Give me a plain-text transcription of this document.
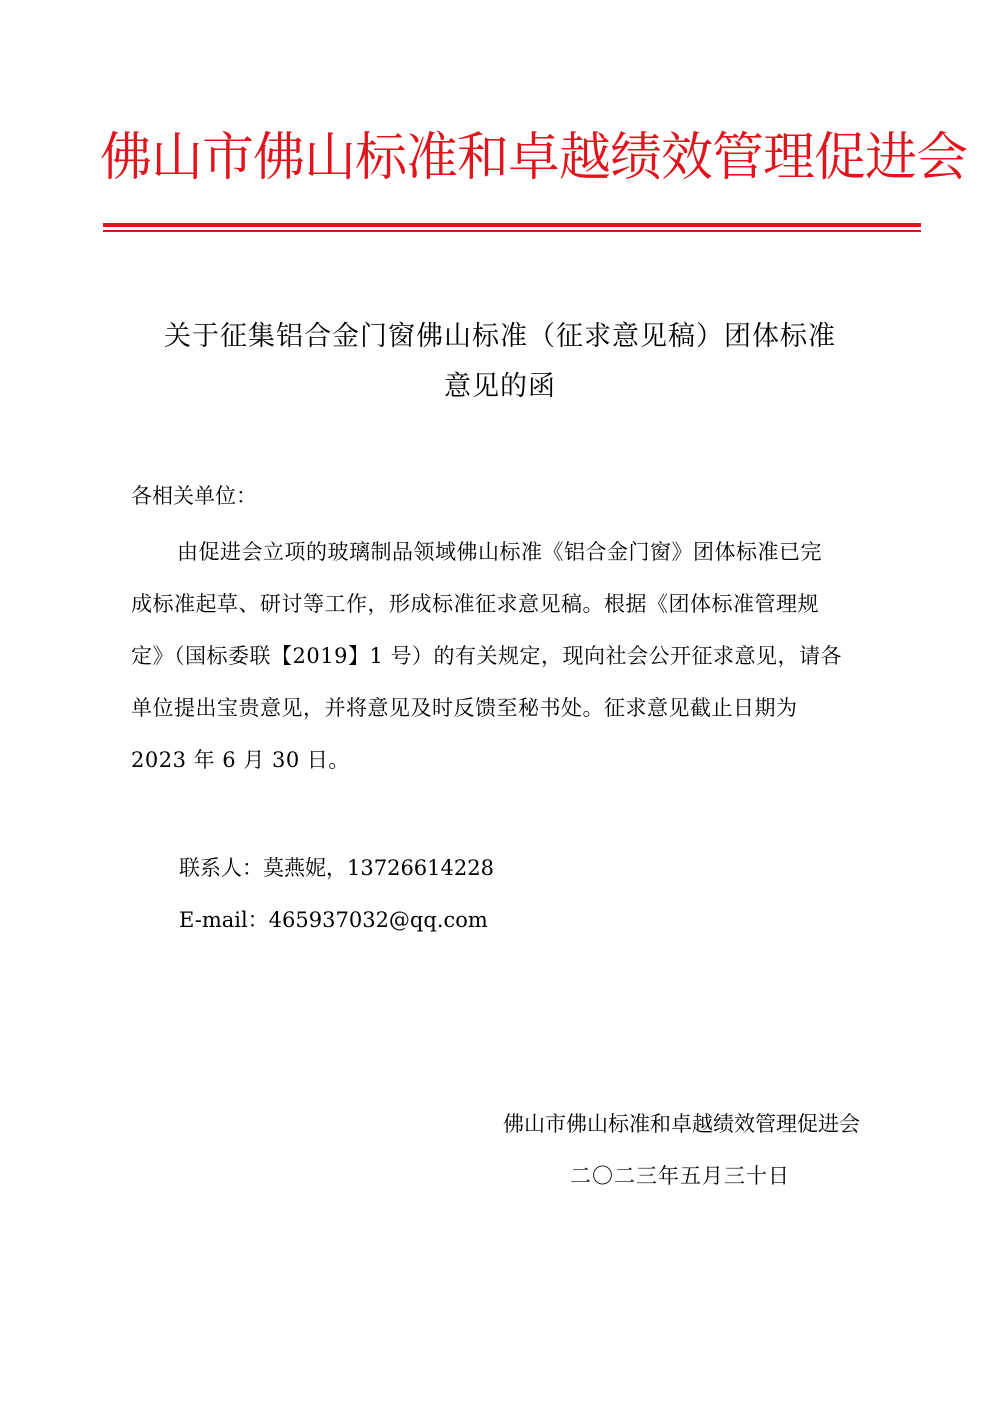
佛山市佛山标准和卓越绩效管理促进会
关于征集铝合金门窗佛山标准（征求意见稿）团体标准
意见的函
各相关单位：
由促进会立项的玻璃制品领域佛山标准《铝合金门窗》团体标准已完
成标准起草、研讨等工作，形成标准征求意见稿。根据《团体标准管理规
定》（国标委联【2019】1 号）的有关规定，现向社会公开征求意见，请各
单位提出宝贵意见，并将意见及时反馈至秘书处。征求意见截止日期为
2023 年 6 月 30 日。
联系人：莫燕妮，13726614228
E-mail：465937032@qq.com
佛山市佛山标准和卓越绩效管理促进会
二〇二三年五月三十日
